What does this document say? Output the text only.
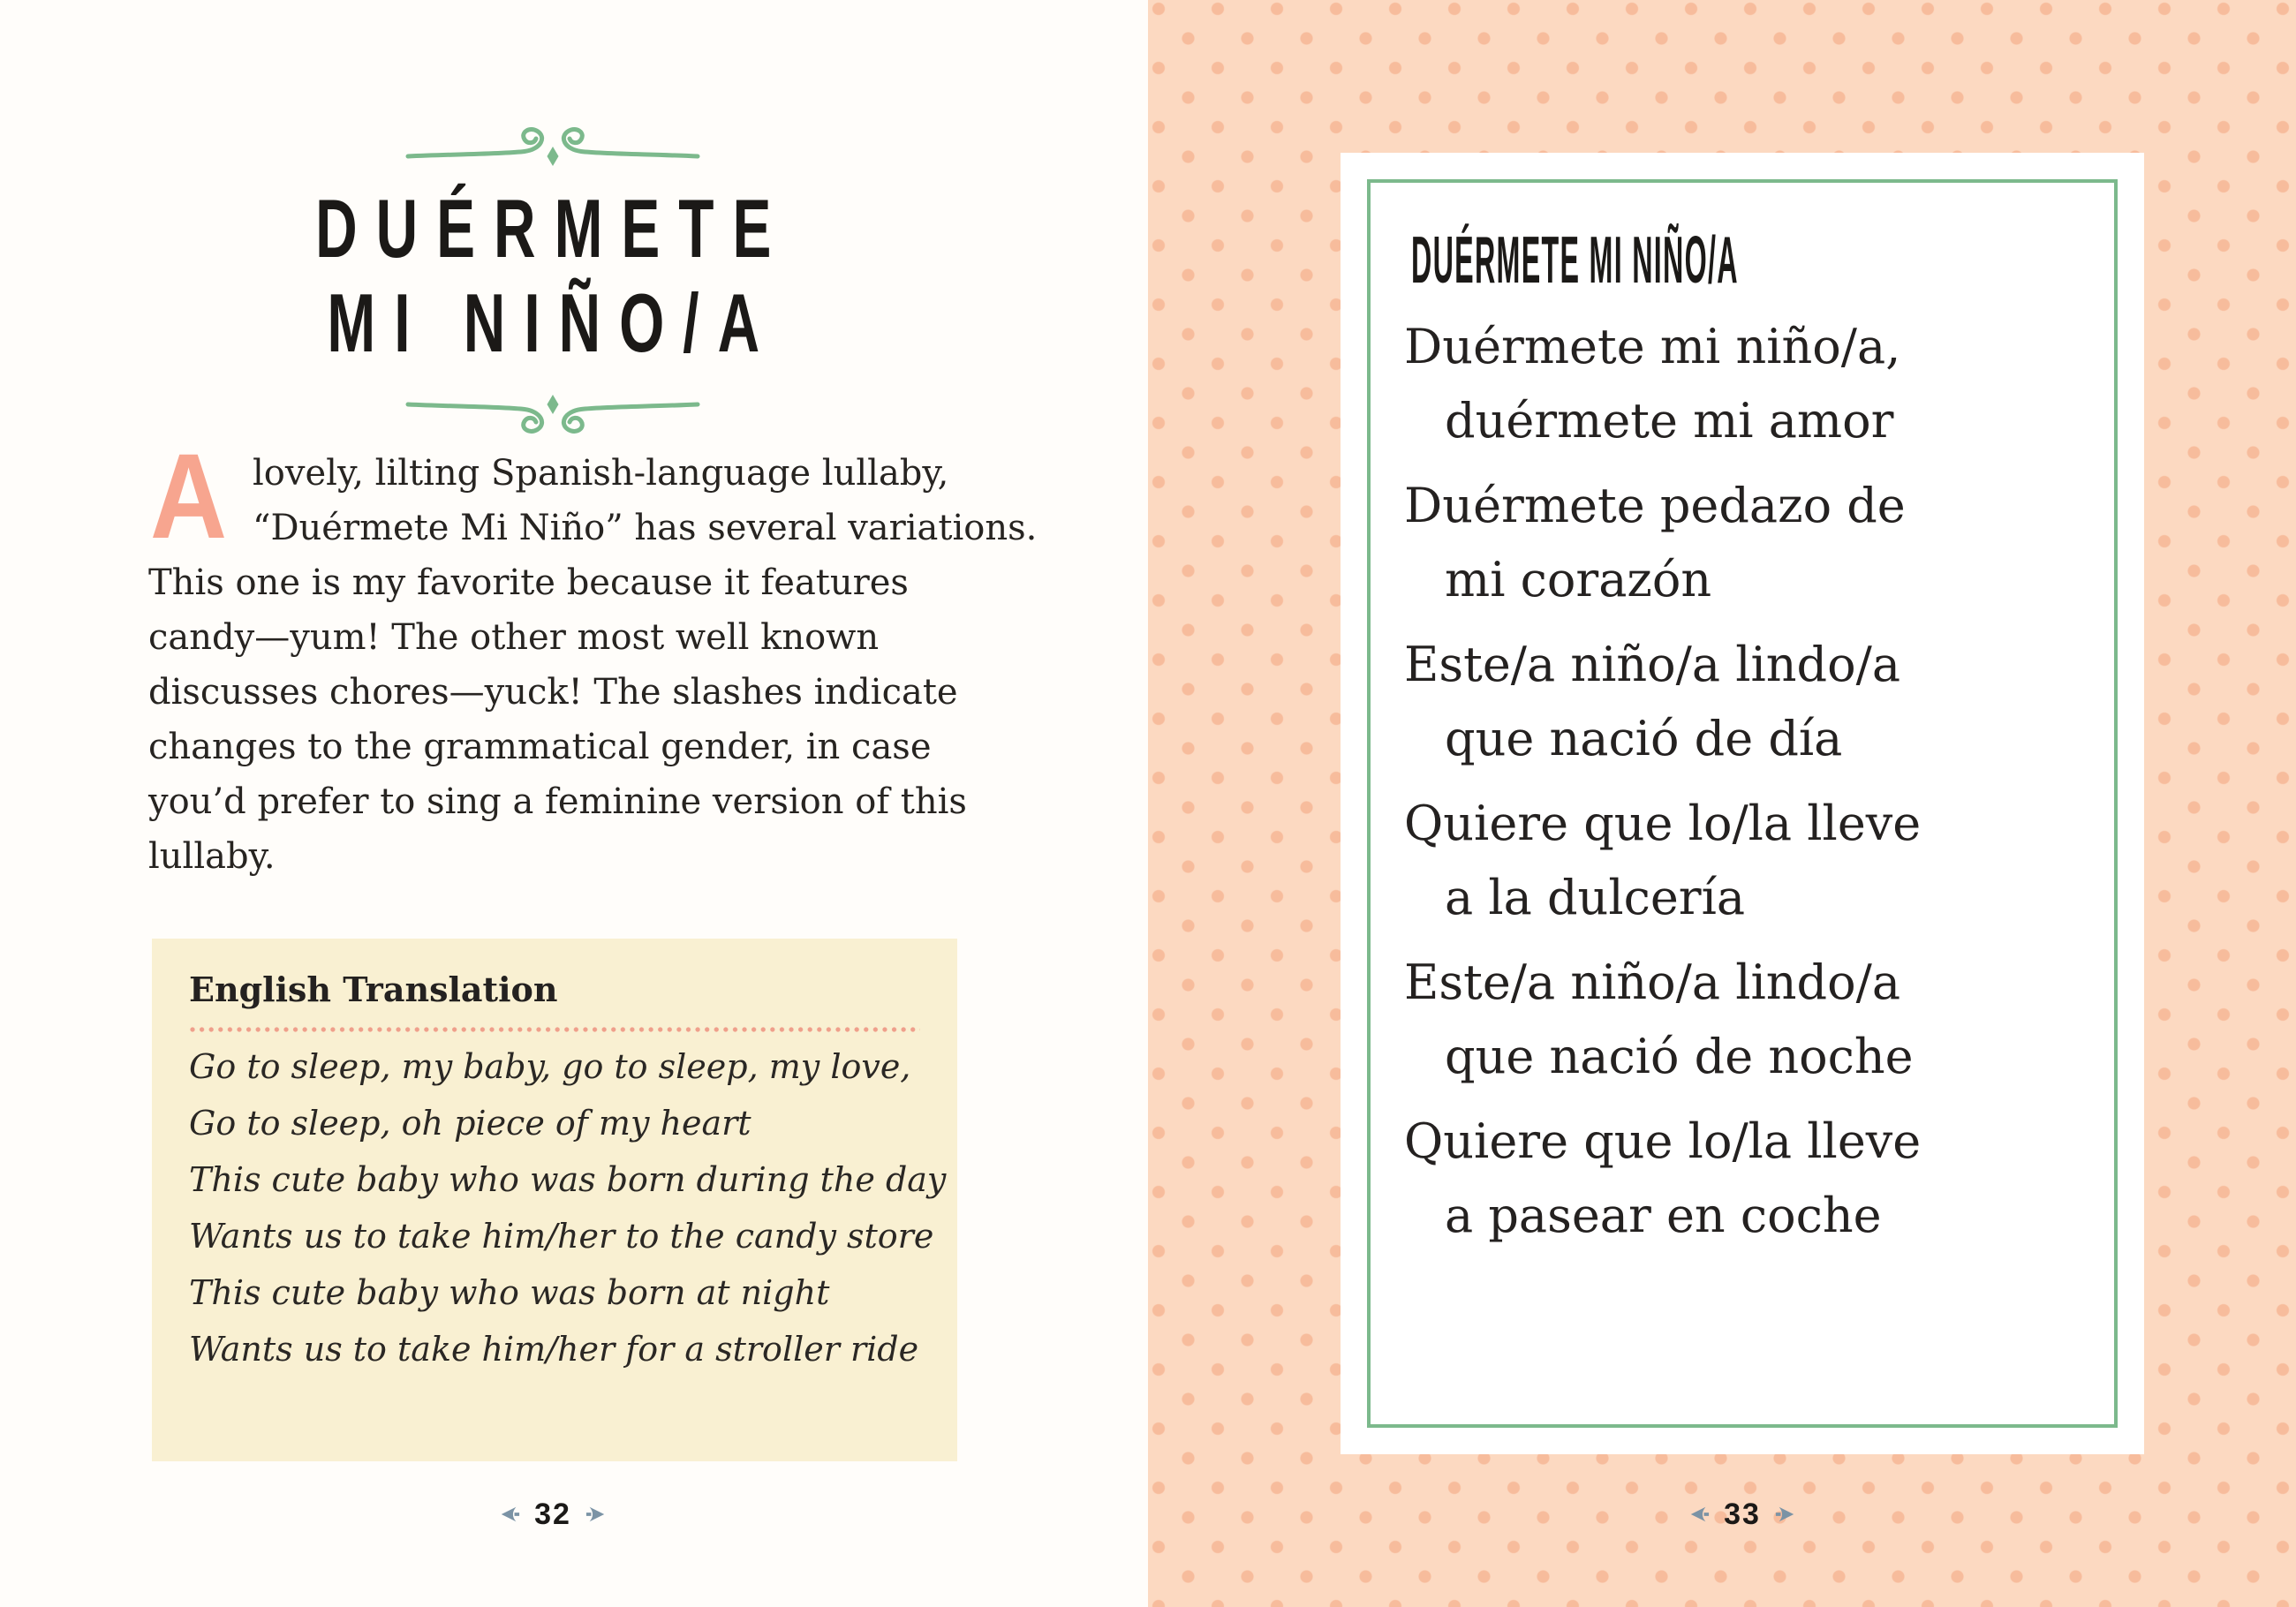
DUÉRMETE
MI NIÑO/A
A lovely, lilting Spanish-language lullaby,
“Duérmete Mi Niño” has several variations.
This one is my favorite because it features
candy—yum! The other most well known
discusses chores—yuck! The slashes indicate
changes to the grammatical gender, in case
you’d prefer to sing a feminine version of this
lullaby.
English Translation
Go to sleep, my baby, go to sleep, my love,
Go to sleep, oh piece of my heart
This cute baby who was born during the day
Wants us to take him/her to the candy store
This cute baby who was born at night
Wants us to take him/her for a stroller ride
32
DUÉRMETE MI NIÑO/A
Duérmete mi niño/a,
duérmete mi amor
Duérmete pedazo de
mi corazón
Este/a niño/a lindo/a
que nació de día
Quiere que lo/la lleve
a la dulcería
Este/a niño/a lindo/a
que nació de noche
Quiere que lo/la lleve
a pasear en coche
33
